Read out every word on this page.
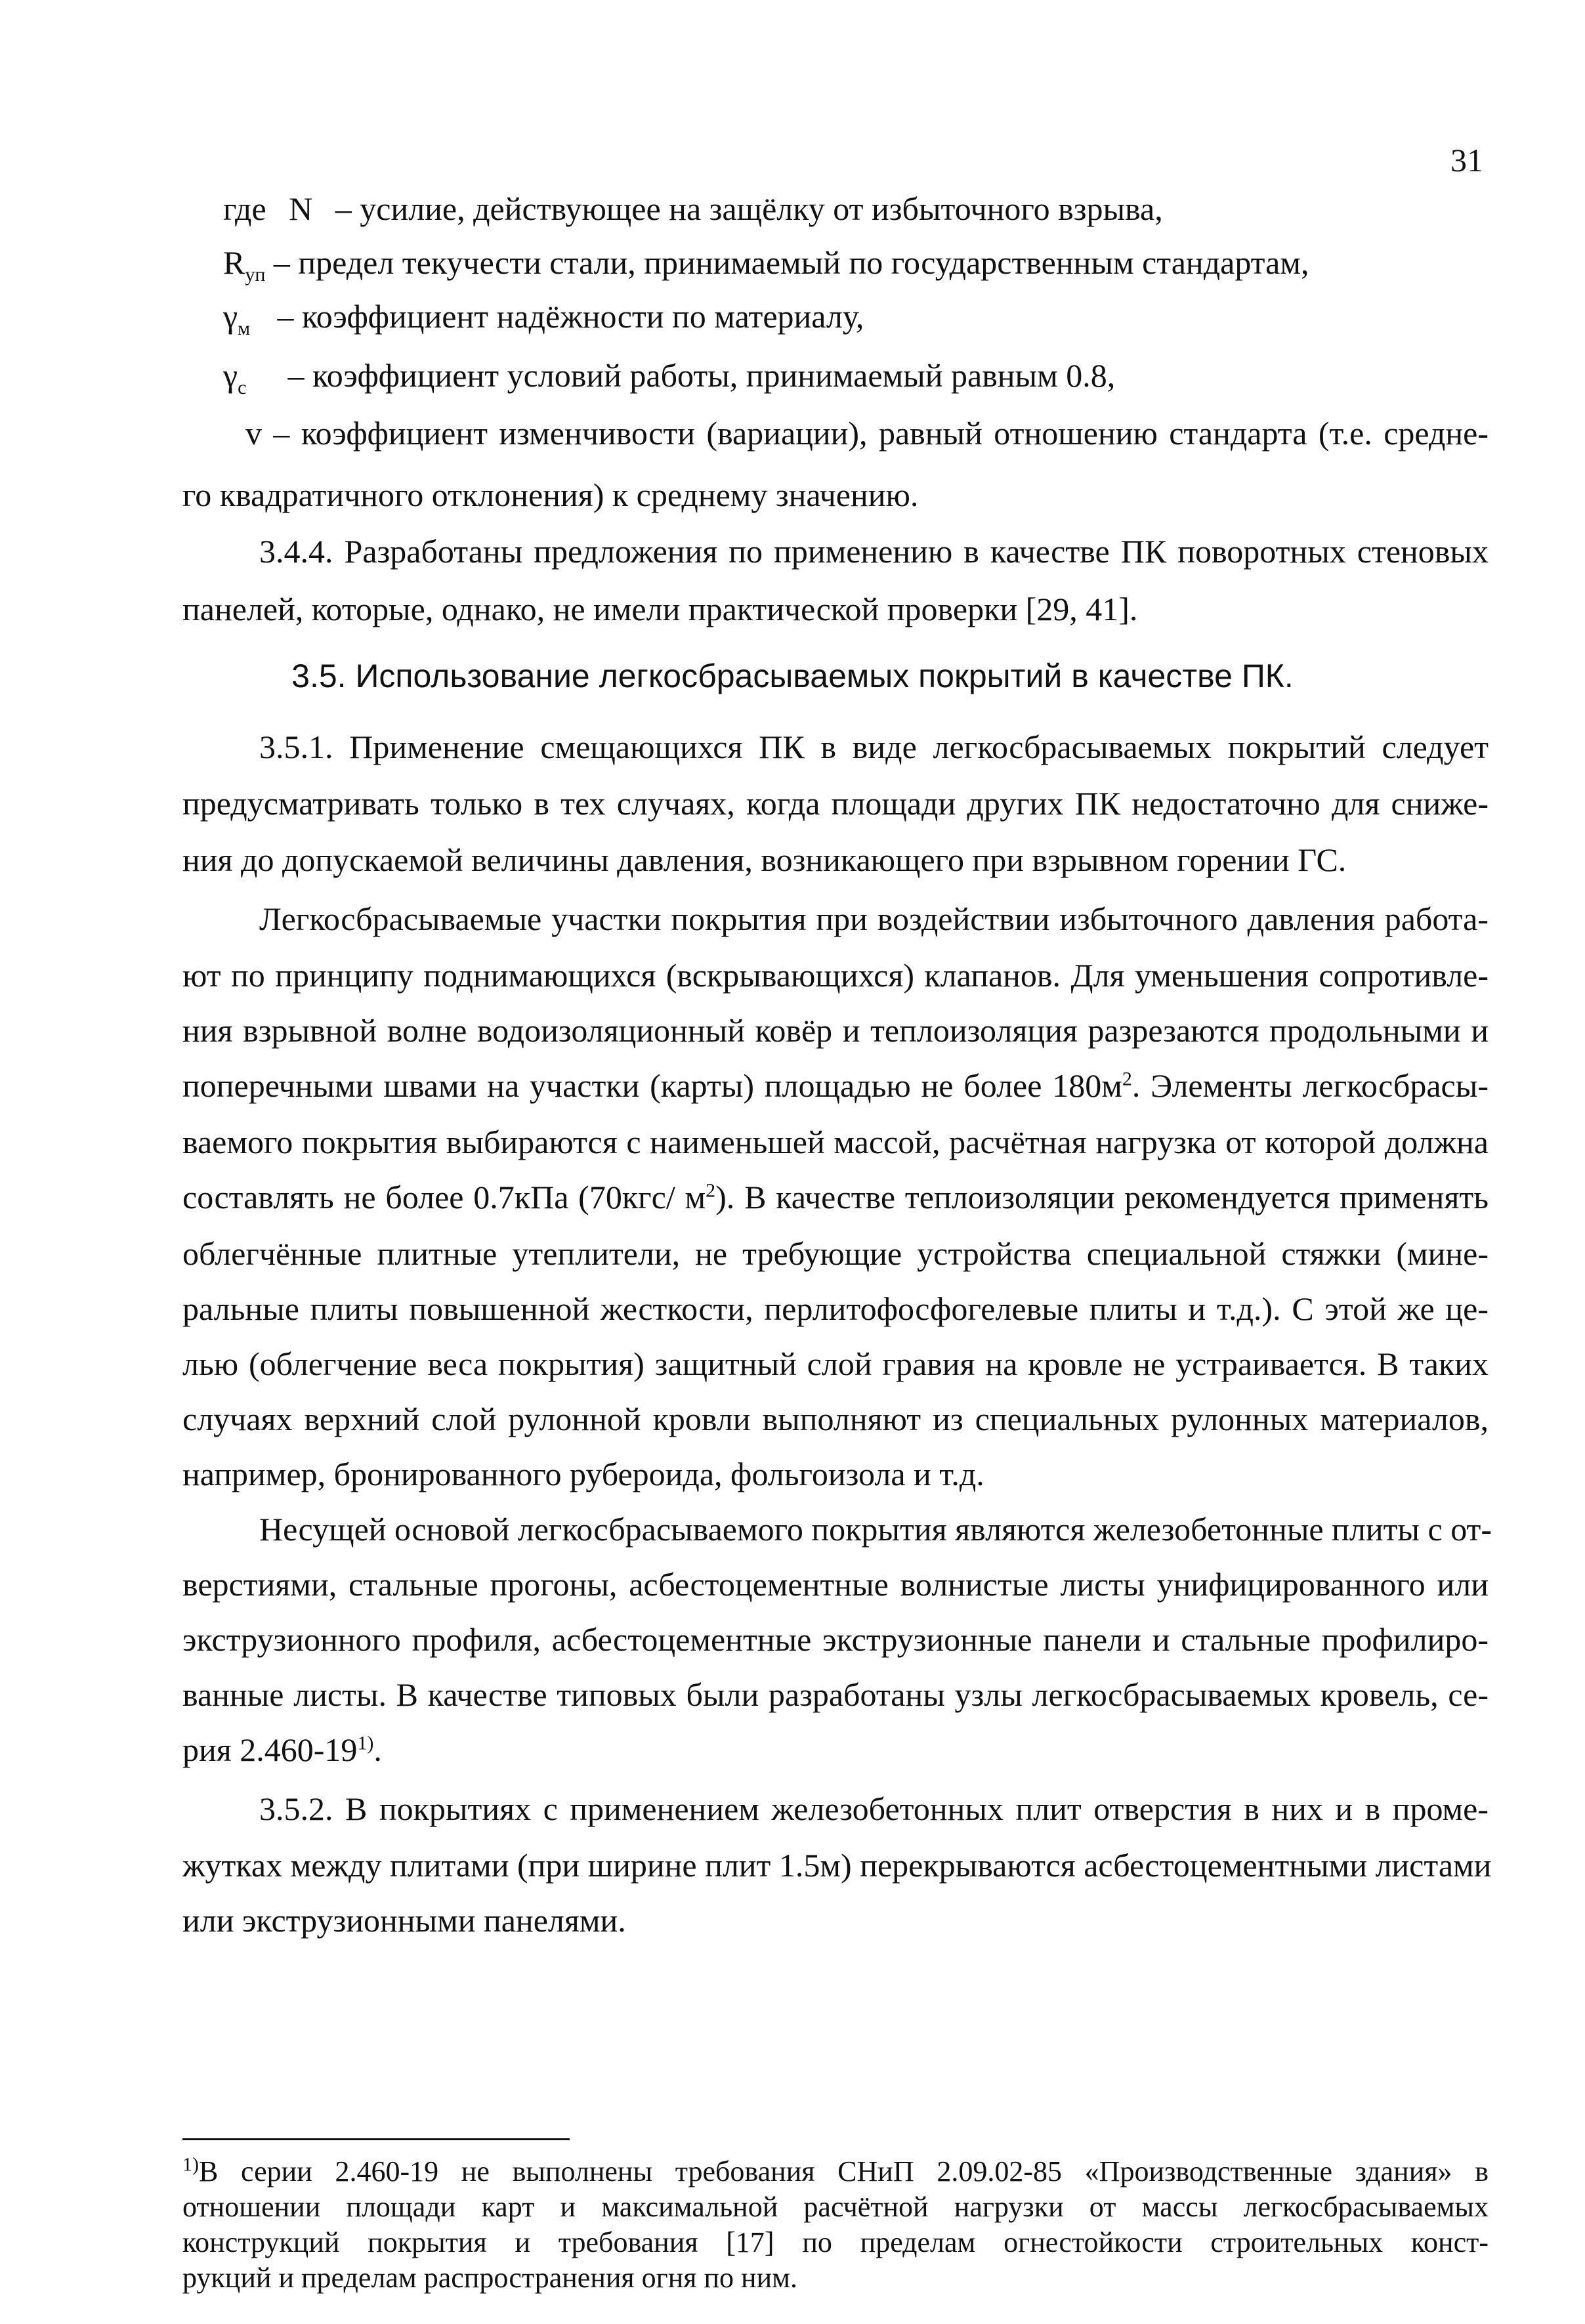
31
где N – усилие, действующее на защёлку от избыточного взрыва,
$R_{уп}$ – предел текучести стали, принимаемый по государственным стандартам,
$\gamma_м$ – коэффициент надёжности по материалу,
$\gamma_c$ – коэффициент условий работы, принимаемый равным 0.8,
v – коэффициент изменчивости (вариации), равный отношению стандарта (т.е. средне-
го квадратичного отклонения) к среднему значению.
3.4.4. Разработаны предложения по применению в качестве ПК поворотных стеновых
панелей, которые, однако, не имели практической проверки [29, 41].
3.5. Использование легкосбрасываемых покрытий в качестве ПК.
3.5.1. Применение смещающихся ПК в виде легкосбрасываемых покрытий следует
предусматривать только в тех случаях, когда площади других ПК недостаточно для сниже-
ния до допускаемой величины давления, возникающего при взрывном горении ГС.
Легкосбрасываемые участки покрытия при воздействии избыточного давления работа-
ют по принципу поднимающихся (вскрывающихся) клапанов. Для уменьшения сопротивле-
ния взрывной волне водоизоляционный ковёр и теплоизоляция разрезаются продольными и
поперечными швами на участки (карты) площадью не более $180м^2$. Элементы легкосбрасы-
ваемого покрытия выбираются с наименьшей массой, расчётная нагрузка от которой должна
составлять не более 0.7кПа (70кгс/ $м^2$). В качестве теплоизоляции рекомендуется применять
облегчённые плитные утеплители, не требующие устройства специальной стяжки (мине-
ральные плиты повышенной жесткости, перлитофосфогелевые плиты и т.д.). С этой же це-
лью (облегчение веса покрытия) защитный слой гравия на кровле не устраивается. В таких
случаях верхний слой рулонной кровли выполняют из специальных рулонных материалов,
например, бронированного рубероида, фольгоизола и т.д.
Несущей основой легкосбрасываемого покрытия являются железобетонные плиты с от-
верстиями, стальные прогоны, асбестоцементные волнистые листы унифицированного или
экструзионного профиля, асбестоцементные экструзионные панели и стальные профилиро-
ванные листы. В качестве типовых были разработаны узлы легкосбрасываемых кровель, се-
рия 2.460-19$^{1)}$.
3.5.2. В покрытиях с применением железобетонных плит отверстия в них и в проме-
жутках между плитами (при ширине плит 1.5м) перекрываются асбестоцементными листами
или экструзионными панелями.
$^{1)}$В серии 2.460-19 не выполнены требования СНиП 2.09.02-85 «Производственные здания» в
отношении площади карт и максимальной расчётной нагрузки от массы легкосбрасываемых
конструкций покрытия и требования [17] по пределам огнестойкости строительных конст-
рукций и пределам распространения огня по ним.
